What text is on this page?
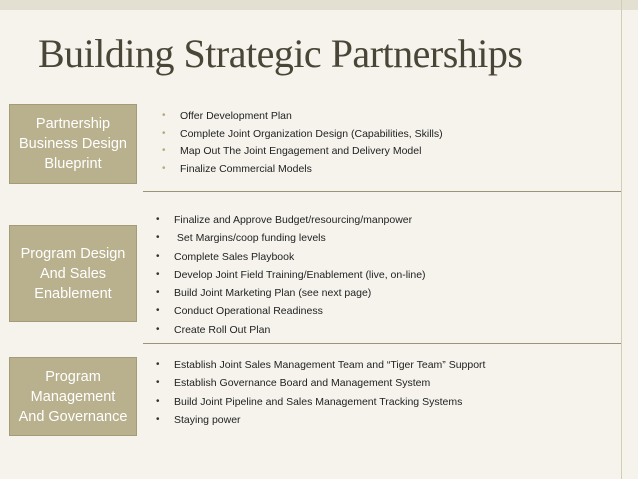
Building Strategic Partnerships
Partnership
Business Design
Blueprint
• Offer Development Plan
• Complete Joint Organization Design (Capabilities, Skills)
• Map Out The Joint Engagement and Delivery Model
• Finalize Commercial Models
Program Design
And Sales
Enablement
• Finalize and Approve Budget/resourcing/manpower
• Set Margins/coop funding levels
• Complete Sales Playbook
• Develop Joint Field Training/Enablement (live, on-line)
• Build Joint Marketing Plan (see next page)
• Conduct Operational Readiness
• Create Roll Out Plan
Program
Management
And Governance
• Establish Joint Sales Management Team and “Tiger Team” Support
• Establish Governance Board and Management System
• Build Joint Pipeline and Sales Management Tracking Systems
• Staying power
